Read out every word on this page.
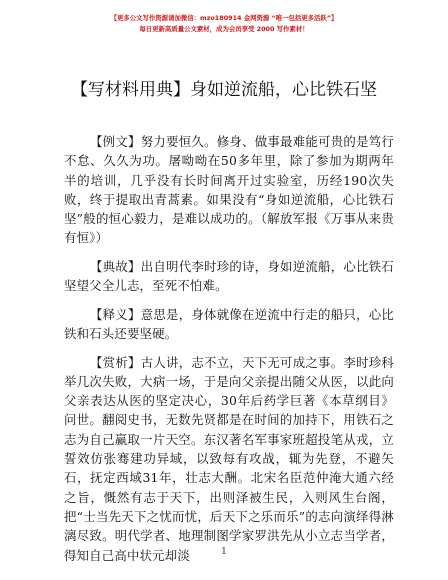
【更多公文写作资源请加微信：mzo180914 金网资源 “唯一包括更多活跃”】
每日更新高质量公文素材，成为会员享受 2000 写作素材！
【写材料用典】身如逆流船，心比铁石坚

【例文】努力要恒久。修身、做事最难能可贵的是笃行不怠、久久为功。屠呦呦在50多年里，除了参加为期两年半的培训，几乎没有长时间离开过实验室，历经190次失败，终于提取出青蒿素。如果没有“身如逆流船，心比铁石坚”般的恒心毅力，是难以成功的。（解放军报《万事从来贵有恒》）

【典故】出自明代李时珍的诗，身如逆流船，心比铁石坚望父全儿志，至死不怕难。

【释义】意思是，身体就像在逆流中行走的船只，心比铁和石头还要坚硬。

【赏析】古人讲，志不立，天下无可成之事。李时珍科举几次失败，大病一场，于是向父亲提出随父从医，以此向父亲表达从医的坚定决心，30年后药学巨著《本草纲目》问世。翻阅史书，无数先贤都是在时间的加持下，用铁石之志为自己赢取一片天空。东汉著名军事家班超投笔从戎，立誓效仿张骞建功异域，以致每有攻战，辄为先登，不避矢石，抚定西域31年，壮志大酬。北宋名臣范仲淹大通六经之旨，慨然有志于天下，出则泽被生民，入则风生台阁，把“士当先天下之忧而忧，后天下之乐而乐”的志向演绎得淋漓尽致。明代学者、地理制图学家罗洪先从小立志当学者，得知自己高中状元却淡	1
